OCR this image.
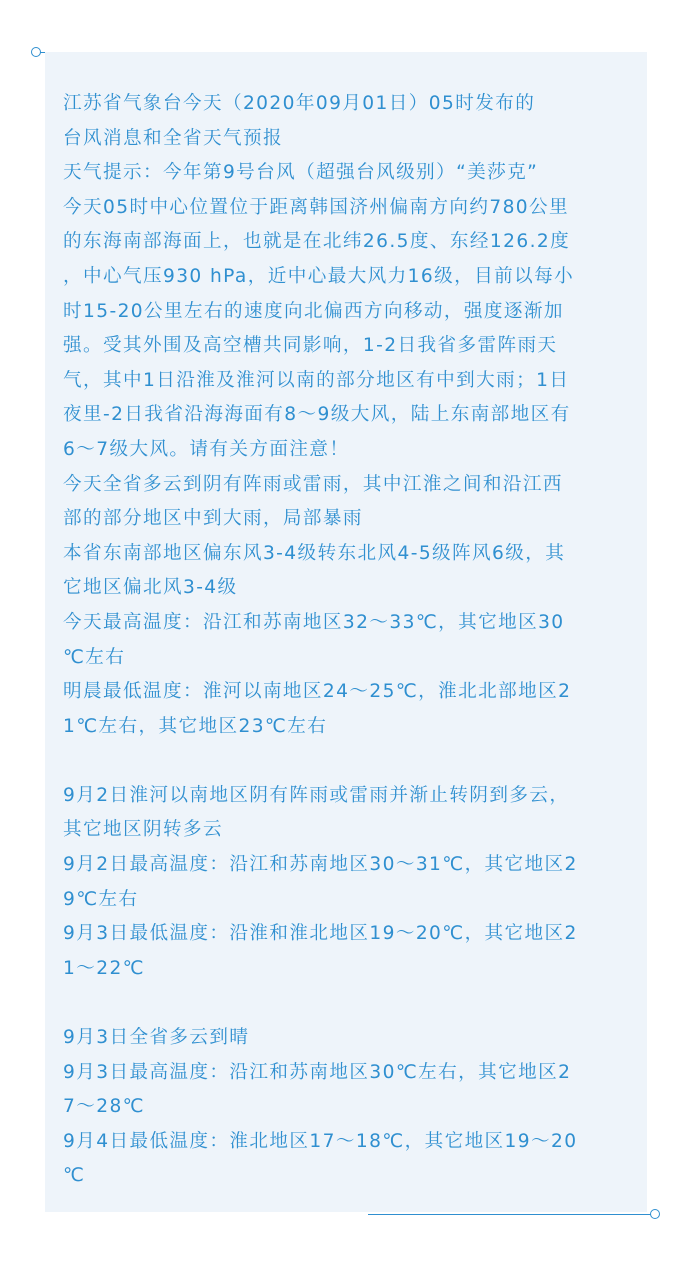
江苏省气象台今天（2020年09月01日）05时发布的
台风消息和全省天气预报
天气提示：今年第9号台风（超强台风级别）“美莎克”
今天05时中心位置位于距离韩国济州偏南方向约780公里
的东海南部海面上，也就是在北纬26.5度、东经126.2度
，中心气压930 hPa，近中心最大风力16级，目前以每小
时15-20公里左右的速度向北偏西方向移动，强度逐渐加
强。受其外围及高空槽共同影响，1-2日我省多雷阵雨天
气，其中1日沿淮及淮河以南的部分地区有中到大雨；1日
夜里-2日我省沿海海面有8～9级大风，陆上东南部地区有
6～7级大风。请有关方面注意！
今天全省多云到阴有阵雨或雷雨，其中江淮之间和沿江西
部的部分地区中到大雨，局部暴雨
本省东南部地区偏东风3-4级转东北风4-5级阵风6级，其
它地区偏北风3-4级
今天最高温度：沿江和苏南地区32～33℃，其它地区30
℃左右
明晨最低温度：淮河以南地区24～25℃，淮北北部地区2
1℃左右，其它地区23℃左右
9月2日淮河以南地区阴有阵雨或雷雨并渐止转阴到多云，
其它地区阴转多云
9月2日最高温度：沿江和苏南地区30～31℃，其它地区2
9℃左右
9月3日最低温度：沿淮和淮北地区19～20℃，其它地区2
1～22℃
9月3日全省多云到晴
9月3日最高温度：沿江和苏南地区30℃左右，其它地区2
7～28℃
9月4日最低温度：淮北地区17～18℃，其它地区19～20
℃
